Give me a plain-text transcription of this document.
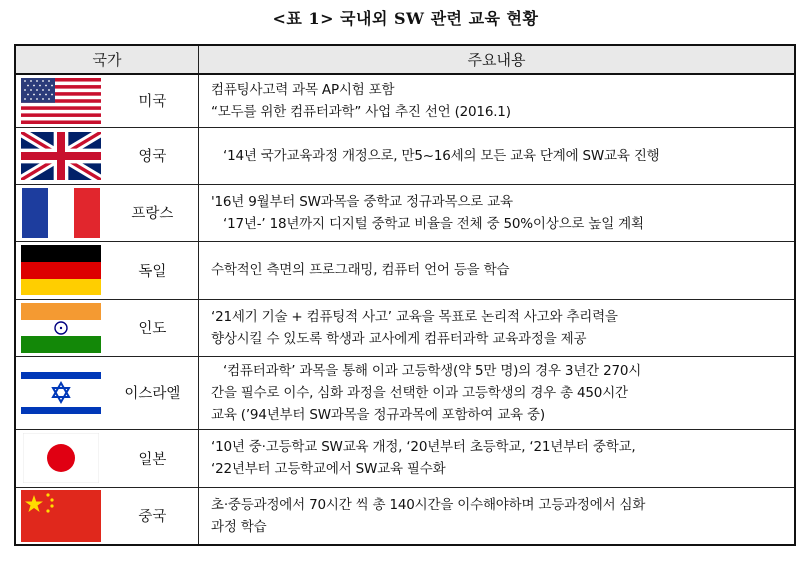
<표 1> 국내외 SW 관련 교육 현황
국가		주요내용

	미국	컴퓨팅사고력 과목 AP시험 포함
“모두를 위한 컴퓨터과학” 사업 추진 선언 (2016.1)

	영국	‘14년 국가교육과정 개정으로, 만5~16세의 모든 교육 단계에 SW교육 진행

	프랑스	'16년 9월부터 SW과목을 중학교 정규과목으로 교육
‘17년-’ 18년까지 디지털 중학교 비율을 전체 중 50%이상으로 높일 계획

	독일	수학적인 측면의 프로그래밍, 컴퓨터 언어 등을 학습

	인도	‘21세기 기술 + 컴퓨팅적 사고’ 교육을 목표로 논리적 사고와 추리력을
향상시킬 수 있도록 학생과 교사에게 컴퓨터과학 교육과정을 제공

	이스라엘	‘컴퓨터과학’ 과목을 통해 이과 고등학생(약 5만 명)의 경우 3년간 270시
간을 필수로 이수, 심화 과정을 선택한 이과 고등학생의 경우 총 450시간
교육 (’94년부터 SW과목을 정규과목에 포함하여 교육 중)

	일본	‘10년 중·고등학교 SW교육 개정, ‘20년부터 초등학교, ‘21년부터 중학교,
‘22년부터 고등학교에서 SW교육 필수화

	중국	초·중등과정에서 70시간 씩 총 140시간을 이수해야하며 고등과정에서 심화
과정 학습
